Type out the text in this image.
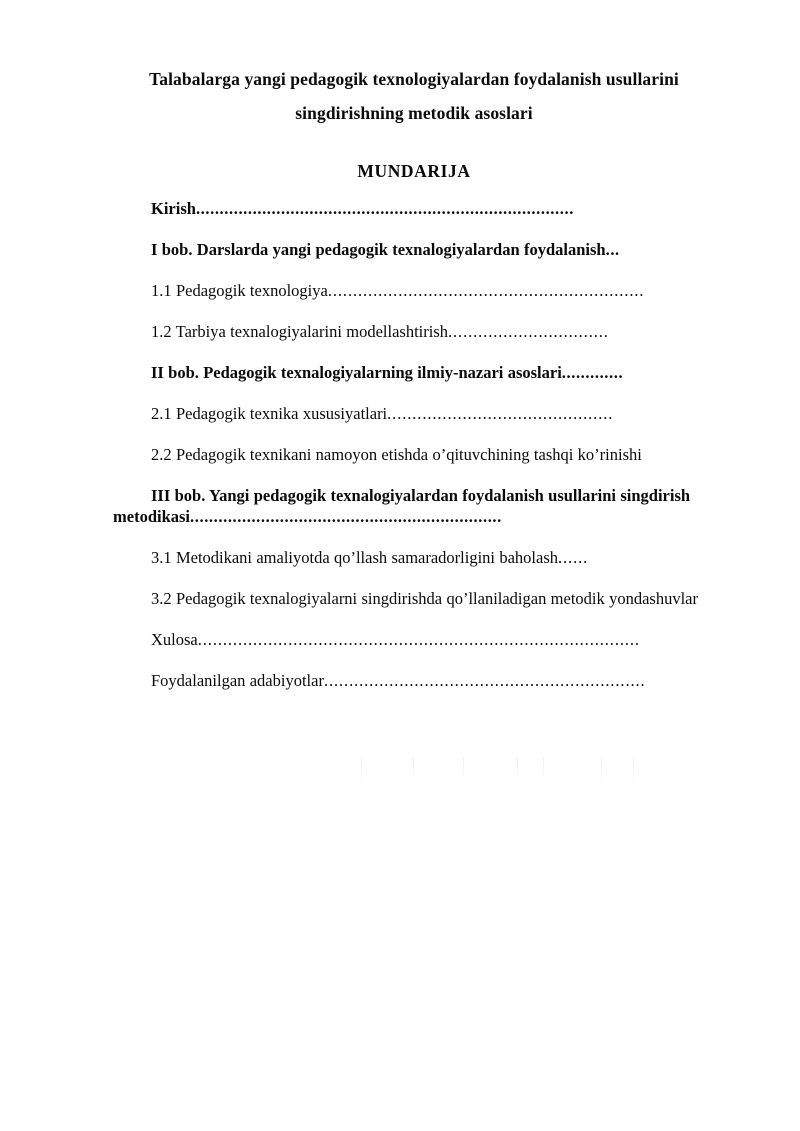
Talabalarga yangi pedagogik texnologiyalardan foydalanish usullarini singdirishning metodik asoslari
MUNDARIJA
Kirish................................................................................
I bob. Darslarda yangi pedagogik texnalogiyalardan foydalanish...
1.1 Pedagogik texnologiya...............................................................
1.2 Tarbiya texnalogiyalarini modellashtirish................................
II bob. Pedagogik texnalogiyalarning ilmiy-nazari asoslari.............
2.1 Pedagogik texnika xususiyatlari.............................................
2.2 Pedagogik texnikani namoyon etishda o’qituvchining tashqi ko’rinishi
III bob. Yangi pedagogik texnalogiyalardan foydalanish usullarini singdirish metodikasi..................................................................
3.1 Metodikani amaliyotda qo’llash samaradorligini baholash......
3.2 Pedagogik texnalogiyalarni singdirishda qo’llaniladigan metodik yondashuvlar
Xulosa........................................................................................
Foydalanilgan adabiyotlar................................................................
